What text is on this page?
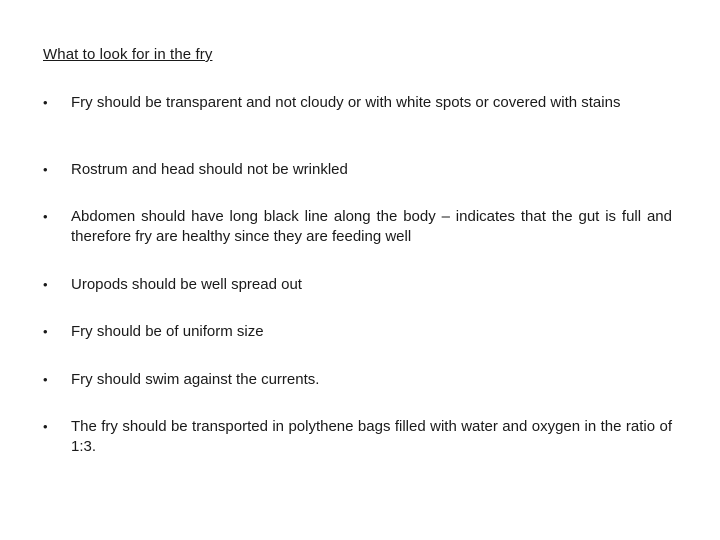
What to look for in the fry
• Fry should be transparent and not cloudy or with white spots or covered with stains
• Rostrum and head should not be wrinkled
• Abdomen should have long black line along the body – indicates that the gut is full and therefore fry are healthy since they are feeding well
• Uropods should be well spread out
• Fry should be of uniform size
• Fry should swim against the currents.
• The fry should be transported in polythene bags filled with water and oxygen in the ratio of 1:3.
